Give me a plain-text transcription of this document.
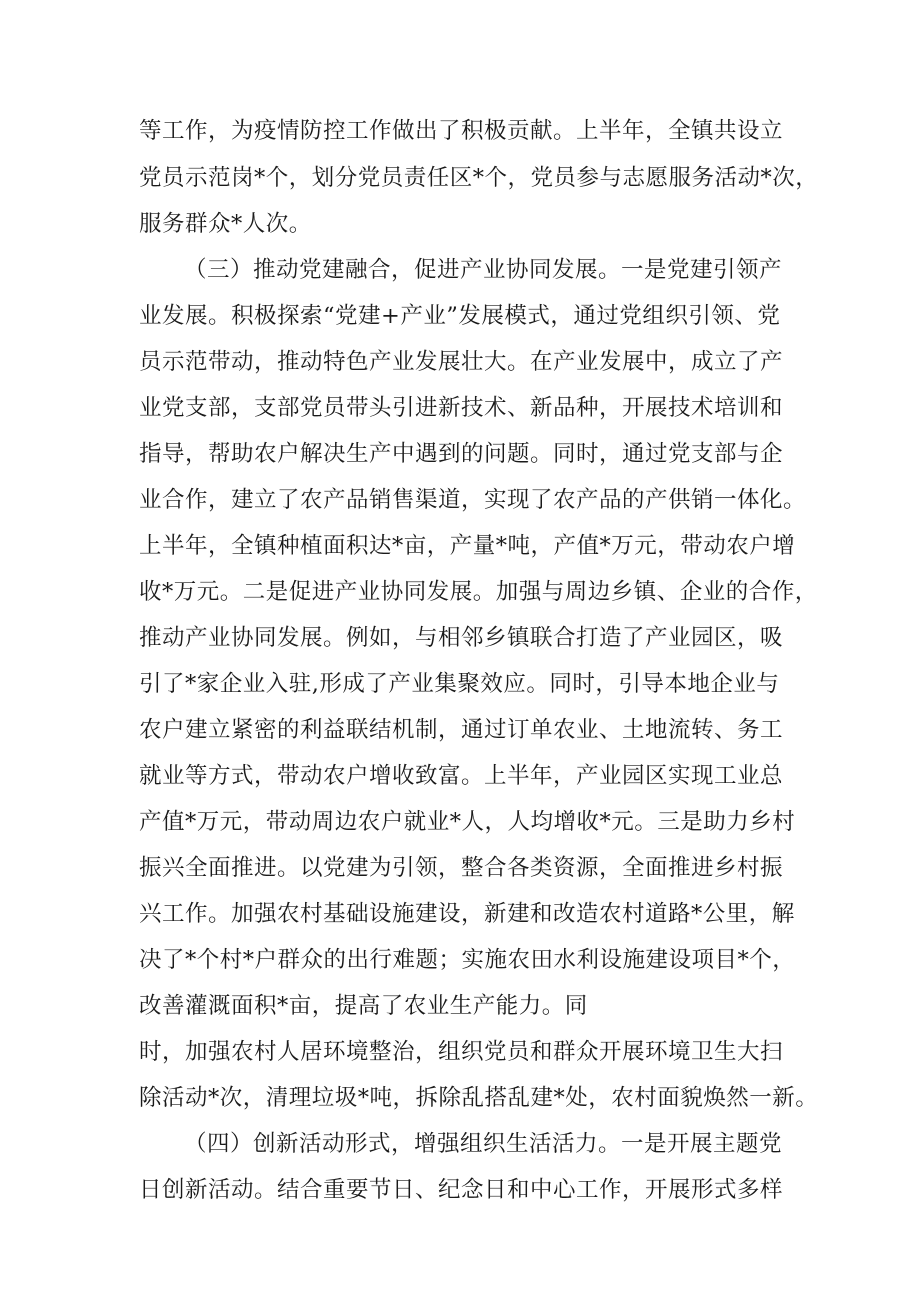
等工作，为疫情防控工作做出了积极贡献。上半年，全镇共设立
党员示范岗*个，划分党员责任区*个，党员参与志愿服务活动*次，
服务群众*人次。
（三）推动党建融合，促进产业协同发展。一是党建引领产
业发展。积极探索“党建+产业”发展模式，通过党组织引领、党
员示范带动，推动特色产业发展壮大。在产业发展中，成立了产
业党支部，支部党员带头引进新技术、新品种，开展技术培训和
指导，帮助农户解决生产中遇到的问题。同时，通过党支部与企
业合作，建立了农产品销售渠道，实现了农产品的产供销一体化。
上半年，全镇种植面积达*亩，产量*吨，产值*万元，带动农户增
收*万元。二是促进产业协同发展。加强与周边乡镇、企业的合作，
推动产业协同发展。例如，与相邻乡镇联合打造了产业园区，吸
引了*家企业入驻,形成了产业集聚效应。同时，引导本地企业与
农户建立紧密的利益联结机制，通过订单农业、土地流转、务工
就业等方式，带动农户增收致富。上半年，产业园区实现工业总
产值*万元，带动周边农户就业*人，人均增收*元。三是助力乡村
振兴全面推进。以党建为引领，整合各类资源，全面推进乡村振
兴工作。加强农村基础设施建设，新建和改造农村道路*公里，解
决了*个村*户群众的出行难题；实施农田水利设施建设项目*个，
改善灌溉面积*亩，提高了农业生产能力。同
时，加强农村人居环境整治，组织党员和群众开展环境卫生大扫
除活动*次，清理垃圾*吨，拆除乱搭乱建*处，农村面貌焕然一新。
（四）创新活动形式，增强组织生活活力。一是开展主题党
日创新活动。结合重要节日、纪念日和中心工作，开展形式多样
